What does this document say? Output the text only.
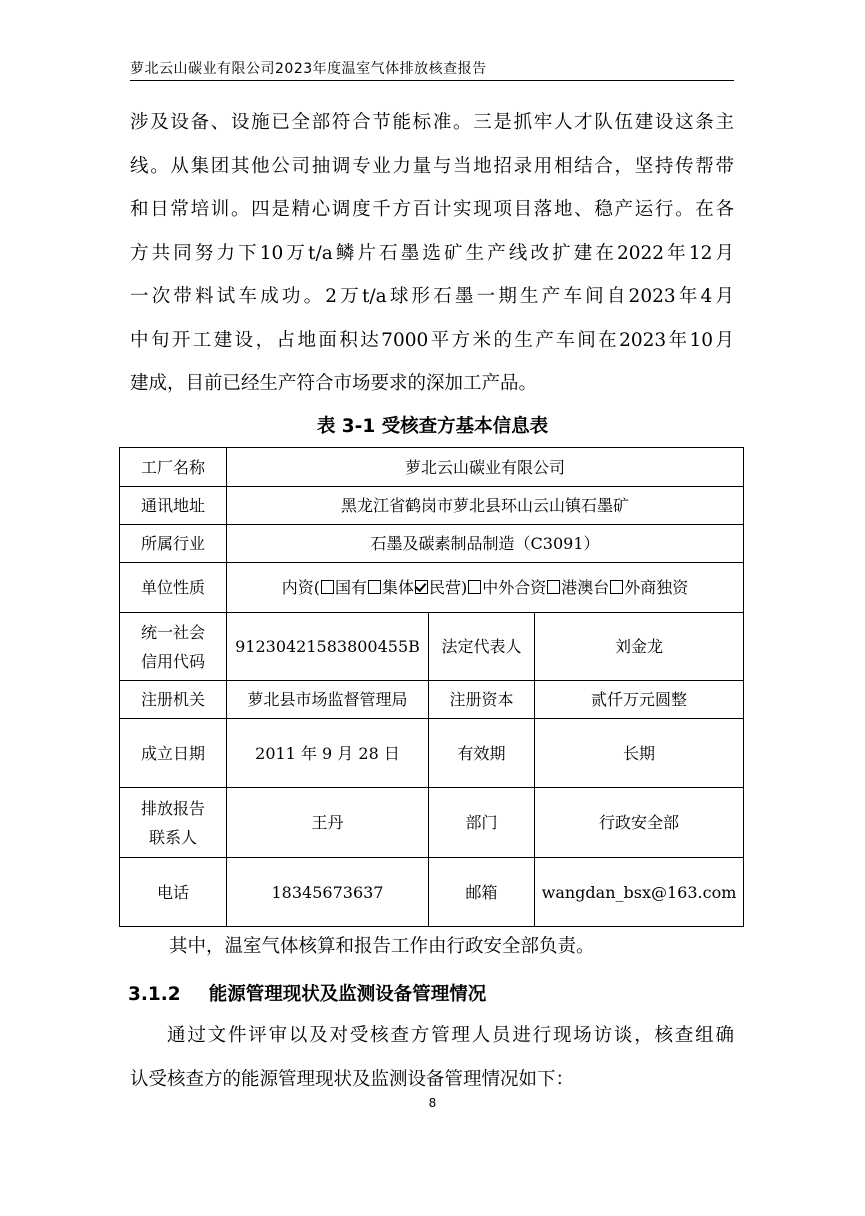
萝北云山碳业有限公司2023年度温室气体排放核查报告
涉及设备、设施已全部符合节能标准。三是抓牢人才队伍建设这条主
线。从集团其他公司抽调专业力量与当地招录用相结合，坚持传帮带
和日常培训。四是精心调度千方百计实现项目落地、稳产运行。在各
方共同努力下10万t/a鳞片石墨选矿生产线改扩建在2022年12月
一次带料试车成功。2万t/a球形石墨一期生产车间自2023年4月
中旬开工建设，占地面积达7000平方米的生产车间在2023年10月
建成，目前已经生产符合市场要求的深加工产品。
表 3-1 受核查方基本信息表
工厂名称	萝北云山碳业有限公司		
通讯地址	黑龙江省鹤岗市萝北县环山云山镇石墨矿		
所属行业	石墨及碳素制品制造（C3091）		
单位性质	内资( 国有 集体 民营) 中外合资 港澳台 外商独资		
统一社会信用代码	91230421583800455B	法定代表人	刘金龙
注册机关	萝北县市场监督管理局	注册资本	贰仟万元圆整
成立日期	2011 年 9 月 28 日	有效期	长期
排放报告联系人	王丹	部门	行政安全部
电话	18345673637	邮箱	wangdan_bsx@163.com
其中，温室气体核算和报告工作由行政安全部负责。
3.1.2 能源管理现状及监测设备管理情况
通过文件评审以及对受核查方管理人员进行现场访谈，核查组确
认受核查方的能源管理现状及监测设备管理情况如下：
8
